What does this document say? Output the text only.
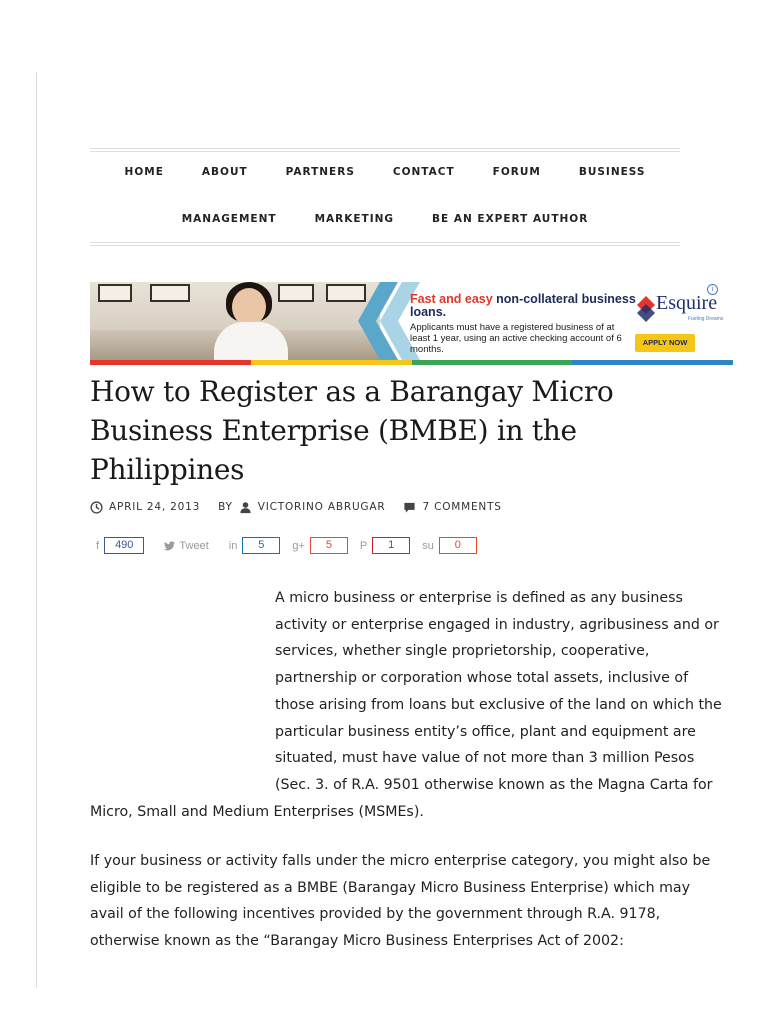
HOME	ABOUT	PARTNERS	CONTACT	FORUM	BUSINESS
MANAGEMENT	MARKETING	BE AN EXPERT AUTHOR
Fast and easy non-collateral business loans.
Applicants must have a registered business of at least 1 year, using an active checking account of 6 months.
Esquire
Fueling Dreams
APPLY NOW
i
How to Register as a Barangay Micro Business Enterprise (BMBE) in the Philippines
APRIL 24, 2013 BY VICTORINO ABRUGAR	7 COMMENTS
f	490	Tweet in	5	g+	5	P	1	su	0
A micro business or enterprise is defined as any business activity or enterprise engaged in industry, agribusiness and or services, whether single proprietorship, cooperative, partnership or corporation whose total assets, inclusive of those arising from loans but exclusive of the land on which the particular business entity’s office, plant and equipment are situated, must have value of not more than 3 million Pesos (Sec. 3. of R.A. 9501 otherwise known as the Magna Carta for Micro, Small and Medium Enterprises (MSMEs).

If your business or activity falls under the micro enterprise category, you might also be eligible to be registered as a BMBE (Barangay Micro Business Enterprise) which may avail of the following incentives provided by the government through R.A. 9178, otherwise known as the “Barangay Micro Business Enterprises Act of 2002:
